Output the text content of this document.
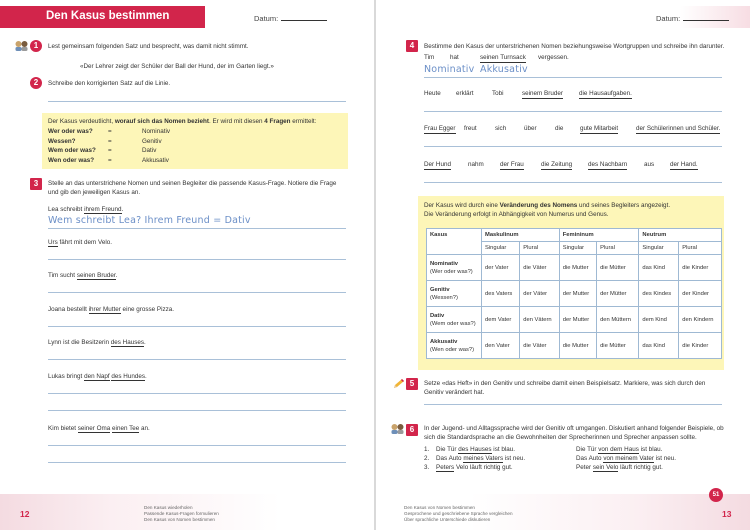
Den Kasus bestimmen	Datum:
1	Lest gemeinsam folgenden Satz und besprecht, was damit nicht stimmt.
«Der Lehrer zeigt der Schüler der Ball der Hund, der im Garten liegt.»
2	Schreibe den korrigierten Satz auf die Linie.
Der Kasus verdeutlicht, worauf sich das Nomen bezieht. Er wird mit diesen 4 Fragen ermittelt:
Wer oder was?	=	Nominativ
Wessen?	=	Genitiv
Wem oder was?	=	Dativ
Wen oder was?	=	Akkusativ
3	Stelle an das unterstrichene Nomen und seinen Begleiter die passende Kasus-Frage. Notiere die Frage und gib den jeweiligen Kasus an.
Lea schreibt ihrem Freund.
Wem schreibt Lea? Ihrem Freund = Dativ
Urs fährt mit dem Velo.
Tim sucht seinen Bruder.
Joana bestellt ihrer Mutter eine grosse Pizza.
Lynn ist die Besitzerin des Hauses.
Lukas bringt den Napf des Hundes.
Kim bietet seiner Oma einen Tee an.
12
Den Kasus wiederholen
Passende Kasus-Fragen formulieren
Den Kasus von Nomen bestimmen
Datum:
4	Bestimme den Kasus der unterstrichenen Nomen beziehungsweise Wortgruppen und schreibe ihn darunter.
Tim hat	seinen Turnsack vergessen.
Nominativ Akkusativ
Heute erklärt	Tobi	seinem Bruder	die Hausaufgaben.
Frau Egger freut	sich	über	die	gute Mitarbeit	der Schülerinnen und Schüler.
Der Hund	nahm	der Frau	die Zeitung	des Nachbarn	aus	der Hand.
Der Kasus wird durch eine Veränderung des Nomens und seines Begleiters angezeigt.
Die Veränderung erfolgt in Abhängigkeit von Numerus und Genus.
Kasus	Maskulinum		Femininum		Neutrum	
	Singular	Plural	Singular	Plural	Singular	Plural
Nominativ
(Wer oder was?)	der Vater	die Väter	die Mutter	die Mütter	das Kind	die Kinder
Genitiv
(Wessen?)	des Vaters	der Väter	der Mutter	der Mütter	des Kindes	der Kinder
Dativ
(Wem oder was?)	dem Vater	den Vätern	der Mutter	den Müttern	dem Kind	den Kindern
Akkusativ
(Wen oder was?)	den Vater	die Väter	die Mutter	die Mütter	das Kind	die Kinder
5	Setze «das Heft» in den Genitiv und schreibe damit einen Beispielsatz. Markiere, was sich durch den Genitiv verändert hat.
6	In der Jugend- und Alltagssprache wird der Genitiv oft umgangen. Diskutiert anhand folgender Beispiele, ob sich die Standardsprache an die Gewohnheiten der Sprecherinnen und Sprecher anpassen sollte.
1. Die Tür des Hauses ist blau.
2. Das Auto meines Vaters ist neu.
3. Peters Velo läuft richtig gut.
Die Tür von dem Haus ist blau.
Das Auto von meinem Vater ist neu.
Peter sein Velo läuft richtig gut.
Den Kasus von Nomen bestimmen
Gesprochene und geschriebene Sprache vergleichen
Über sprachliche Unterschiede diskutieren
51
13
